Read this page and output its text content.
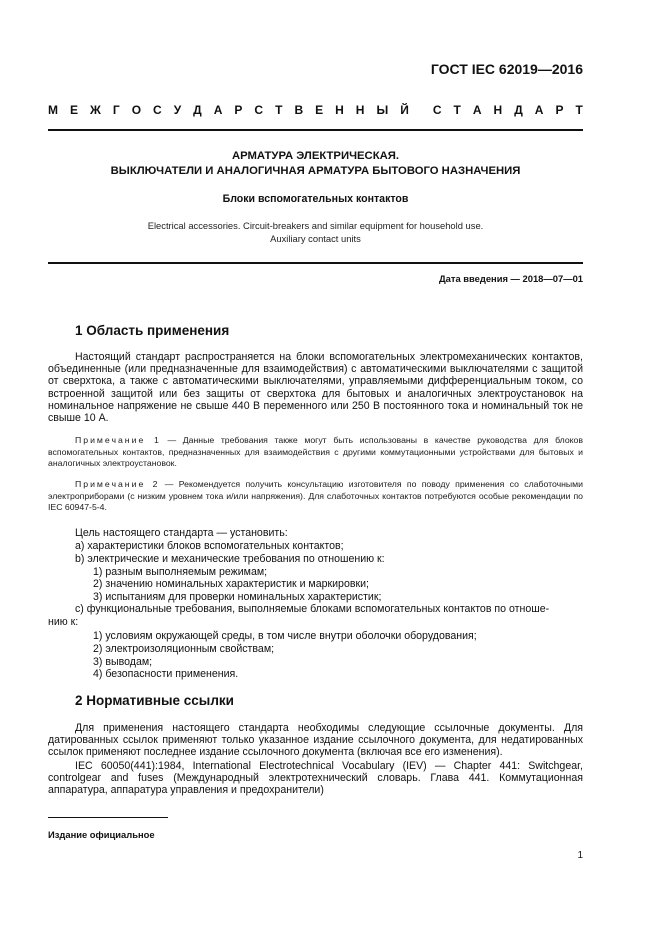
ГОСТ IEC 62019—2016
М Е Ж Г О С У Д А Р С Т В Е Н Н Ы Й С Т А Н Д А Р Т
АРМАТУРА ЭЛЕКТРИЧЕСКАЯ.
ВЫКЛЮЧАТЕЛИ И АНАЛОГИЧНАЯ АРМАТУРА БЫТОВОГО НАЗНАЧЕНИЯ
Блоки вспомогательных контактов
Electrical accessories. Circuit-breakers and similar equipment for household use.
Auxiliary contact units
Дата введения — 2018—07—01
1 Область применения
Настоящий стандарт распространяется на блоки вспомогательных электромеханических контактов, объединенные (или предназначенные для взаимодействия) с автоматическими выключателями с защитой от сверхтока, а также с автоматическими выключателями, управляемыми дифференциальным током, со встроенной защитой или без защиты от сверхтока для бытовых и аналогичных электроустановок на номинальное напряжение не свыше 440 В переменного или 250 В постоянного тока и номинальный ток не свыше 10 А.
Примечание 1 — Данные требования также могут быть использованы в качестве руководства для блоков вспомогательных контактов, предназначенных для взаимодействия с другими коммутационными устройствами для бытовых и аналогичных электроустановок.
Примечание 2 — Рекомендуется получить консультацию изготовителя по поводу применения со слаботочными электроприборами (с низким уровнем тока и/или напряжения). Для слаботочных контактов потребуются особые рекомендации по IEC 60947-5-4.
Цель настоящего стандарта — установить:
а) характеристики блоков вспомогательных контактов;
b) электрические и механические требования по отношению к:
1) разным выполняемым режимам;
2) значению номинальных характеристик и маркировки;
3) испытаниям для проверки номинальных характеристик;
с) функциональные требования, выполняемые блоками вспомогательных контактов по отноше-
нию к:
1) условиям окружающей среды, в том числе внутри оболочки оборудования;
2) электроизоляционным свойствам;
3) выводам;
4) безопасности применения.
2 Нормативные ссылки
Для применения настоящего стандарта необходимы следующие ссылочные документы. Для датированных ссылок применяют только указанное издание ссылочного документа, для недатированных ссылок применяют последнее издание ссылочного документа (включая все его изменения).
IEC 60050(441):1984, International Electrotechnical Vocabulary (IEV) — Chapter 441: Switchgear, controlgear and fuses (Международный электротехнический словарь. Глава 441. Коммутационная аппаратура, аппаратура управления и предохранители)
Издание официальное
1
